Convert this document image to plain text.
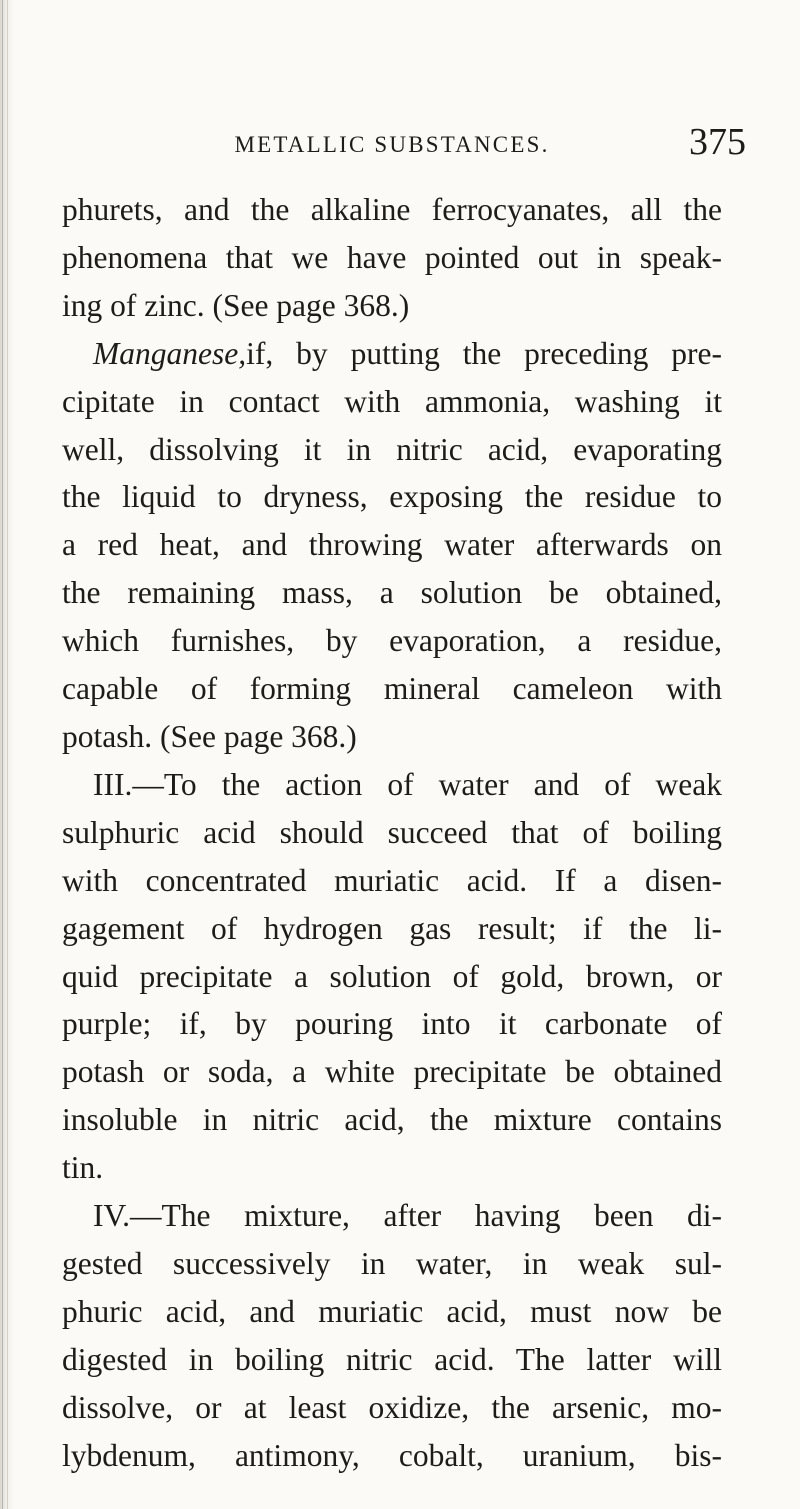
METALLIC SUBSTANCES.	375

phurets, and the alkaline ferrocyanates, all the
phenomena that we have pointed out in speak-
ing of zinc. (See page 368.)

Manganese,if, by putting the preceding pre-
cipitate in contact with ammonia, washing it
well, dissolving it in nitric acid, evaporating
the liquid to dryness, exposing the residue to
a red heat, and throwing water afterwards on
the remaining mass, a solution be obtained,
which furnishes, by evaporation, a residue,
capable of forming mineral cameleon with
potash. (See page 368.)

III.—To the action of water and of weak
sulphuric acid should succeed that of boiling
with concentrated muriatic acid. If a disen-
gagement of hydrogen gas result; if the li-
quid precipitate a solution of gold, brown, or
purple; if, by pouring into it carbonate of
potash or soda, a white precipitate be obtained
insoluble in nitric acid, the mixture contains
tin.

IV.—The mixture, after having been di-
gested successively in water, in weak sul-
phuric acid, and muriatic acid, must now be
digested in boiling nitric acid. The latter will
dissolve, or at least oxidize, the arsenic, mo-
lybdenum, antimony, cobalt, uranium, bis-
